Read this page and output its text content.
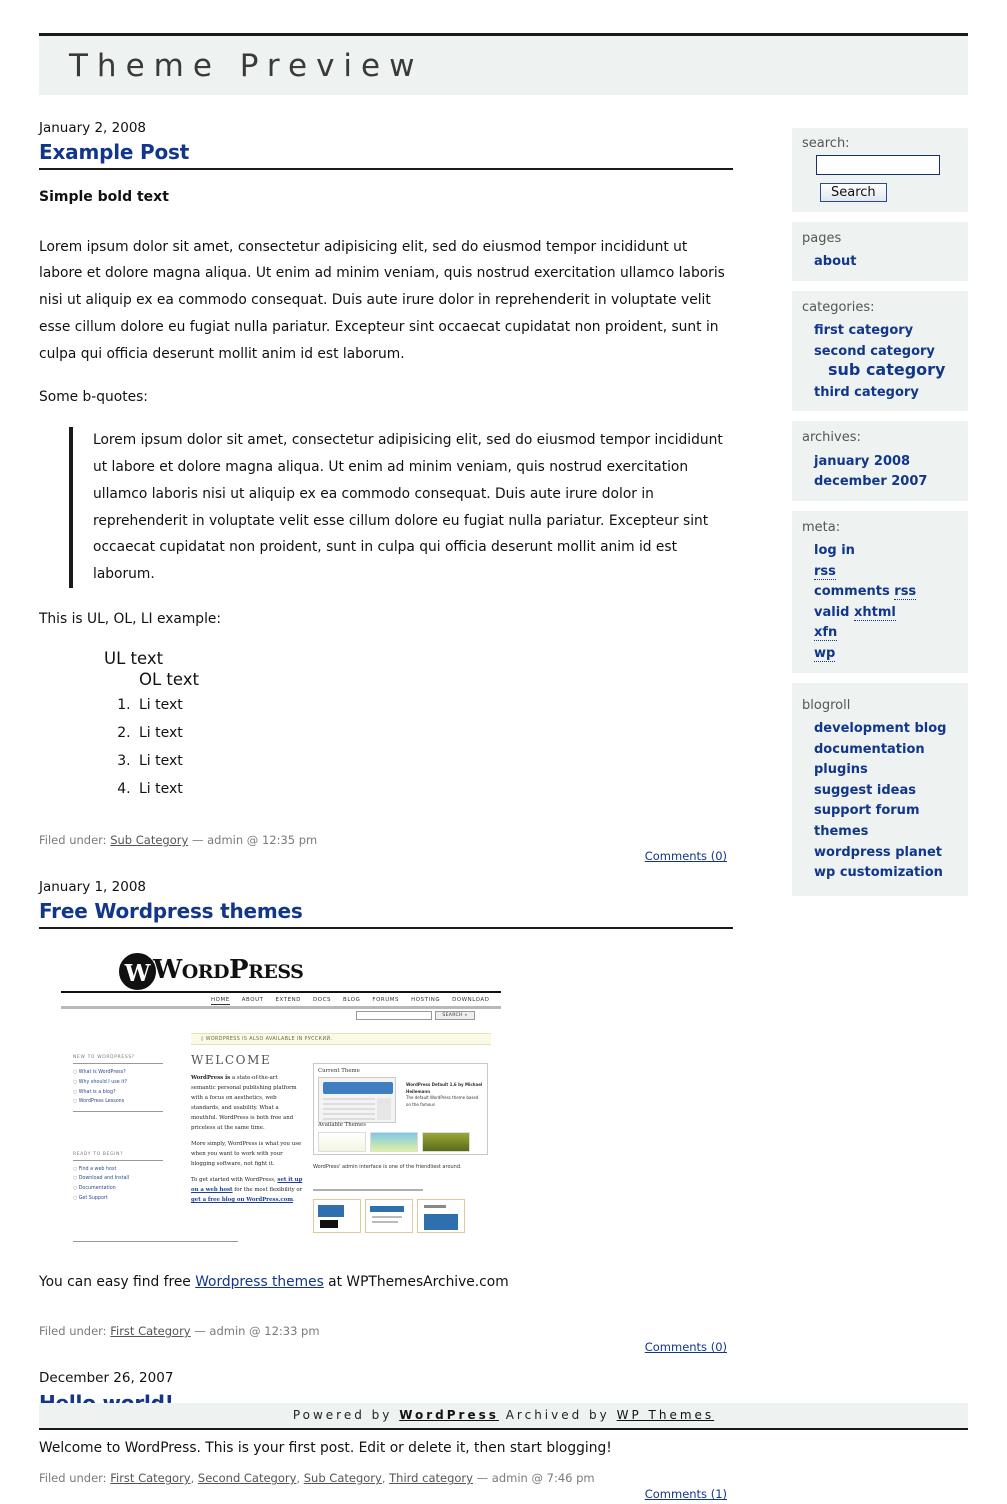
Theme Preview
January 2, 2008
Example Post

Simple bold text

Lorem ipsum dolor sit amet, consectetur adipisicing elit, sed do eiusmod tempor incididunt ut labore et dolore magna aliqua. Ut enim ad minim veniam, quis nostrud exercitation ullamco laboris nisi ut aliquip ex ea commodo consequat. Duis aute irure dolor in reprehenderit in voluptate velit esse cillum dolore eu fugiat nulla pariatur. Excepteur sint occaecat cupidatat non proident, sunt in culpa qui officia deserunt mollit anim id est laborum.

Some b-quotes:

Lorem ipsum dolor sit amet, consectetur adipisicing elit, sed do eiusmod tempor incididunt ut labore et dolore magna aliqua. Ut enim ad minim veniam, quis nostrud exercitation ullamco laboris nisi ut aliquip ex ea commodo consequat. Duis aute irure dolor in reprehenderit in voluptate velit esse cillum dolore eu fugiat nulla pariatur. Excepteur sint occaecat cupidatat non proident, sunt in culpa qui officia deserunt mollit anim id est laborum.

This is UL, OL, LI example:

UL text
OL text
1. Li text
2. Li text
3. Li text
4. Li text
Filed under: Sub Category — admin @ 12:35 pm
Comments (0)
January 1, 2008
Free Wordpress themes
W WORDPRESS
HOME ABOUT EXTEND DOCS BLOG FORUMS HOSTING DOWNLOAD
SEARCH »
◊ WORDPRESS IS ALSO AVAILABLE IN РУССКИЙ.
WELCOME
NEW TO WORDPRESS?
○ What is WordPress?
○ Why should I use it?
○ What is a blog?
○ WordPress Lessons
READY TO BEGIN?
○ Find a web host
○ Download and Install
○ Documentation
○ Get Support

WordPress is a state-of-the-art semantic personal publishing platform with a focus on aesthetics, web standards, and usability. What a mouthful. WordPress is both free and priceless at the same time.

More simply, WordPress is what you use when you want to work with your blogging software, not fight it.

To get started with WordPress, set it up on a web host for the most flexibility or get a free blog on WordPress.com.

Current Theme
WordPress Default 1.6 by Michael Heilemann
The default WordPress theme based on the famous
Available Themes
WordPress' admin interface is one of the friendliest around.

You can easy find free Wordpress themes at WPThemesArchive.com

Filed under: First Category — admin @ 12:33 pm
Comments (0)
December 26, 2007

Welcome to WordPress. This is your first post. Edit or delete it, then start blogging!

Filed under: First Category, Second Category, Sub Category, Third category — admin @ 7:46 pm
Comments (1)
search:
Search
pages
about
categories:
first category
second category
sub category
third category
archives:
january 2008
december 2007
meta:
log in
rss
comments rss
valid xhtml
xfn
wp
blogroll
development blog
documentation
plugins
suggest ideas
support forum
themes
wordpress planet
wp customization
Powered by WordPress Archived by WP Themes
